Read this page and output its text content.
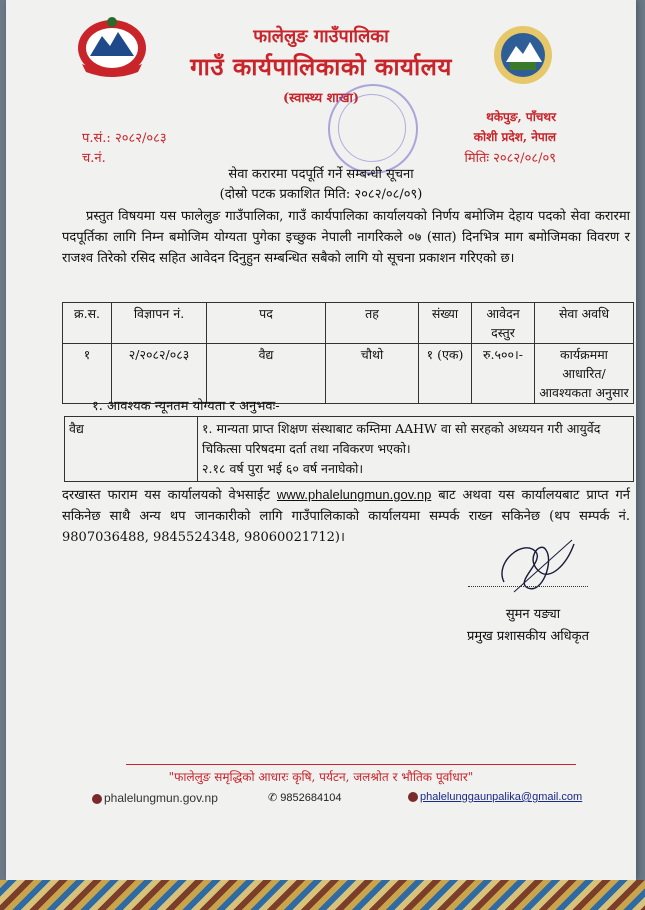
फालेलुङ गाउँपालिका
गाउँ कार्यपालिकाको कार्यालय
(स्वास्थ्य शाखा)
प.सं.: २०८२/०८३
च.नं.
थकेपुङ, पाँचथर
कोशी प्रदेश, नेपाल
मितिः २०८२/०८/०९
सेवा करारमा पदपूर्ति गर्ने सम्बन्धी सूचना
(दोस्रो पटक प्रकाशित मिति: २०८२/०८/०९)
प्रस्तुत विषयमा यस फालेलुङ गाउँपालिका, गाउँ कार्यपालिका कार्यालयको निर्णय बमोजिम देहाय पदको सेवा करारमा पदपूर्तिका लागि निम्न बमोजिम योग्यता पुगेका इच्छुक नेपाली नागरिकले ०७ (सात) दिनभित्र माग बमोजिमका विवरण र राजश्व तिरेको रसिद सहित आवेदन दिनुहुन सम्बन्धित सबैको लागि यो सूचना प्रकाशन गरिएको छ।
क्र.स.	विज्ञापन नं.	पद	तह	संख्या	आवेदन दस्तुर	सेवा अवधि
१	२/२०८२/०८३	वैद्य	चौथो	१ (एक)	रु.५००।-	कार्यक्रममा आधारित/ आवश्यकता अनुसार
१. आवश्यक न्यूनतम योग्यता र अनुभवः-
वैद्य	१. मान्यता प्राप्त शिक्षण संस्थाबाट कम्तिमा AAHW वा सो सरहको अध्ययन गरी आयुर्वेद चिकित्सा परिषदमा दर्ता तथा नविकरण भएको।
२.१८ वर्ष पुरा भई ६० वर्ष ननाघेको।
दरखास्त फाराम यस कार्यालयको वेभसाईट www.phalelungmun.gov.np बाट अथवा यस कार्यालयबाट प्राप्त गर्न सकिनेछ साथै अन्य थप जानकारीको लागि गाउँपालिकाको कार्यालयमा सम्पर्क राख्न सकिनेछ (थप सम्पर्क नं. 9807036488, 9845524348, 98060021712)।
सुमन यङ्या
प्रमुख प्रशासकीय अधिकृत
"फालेलुङ समृद्धिको आधारः कृषि, पर्यटन, जलश्रोत र भौतिक पूर्वाधार"
phalelungmun.gov.np	✆ 9852684104	phalelunggaunpalika@gmail.com
